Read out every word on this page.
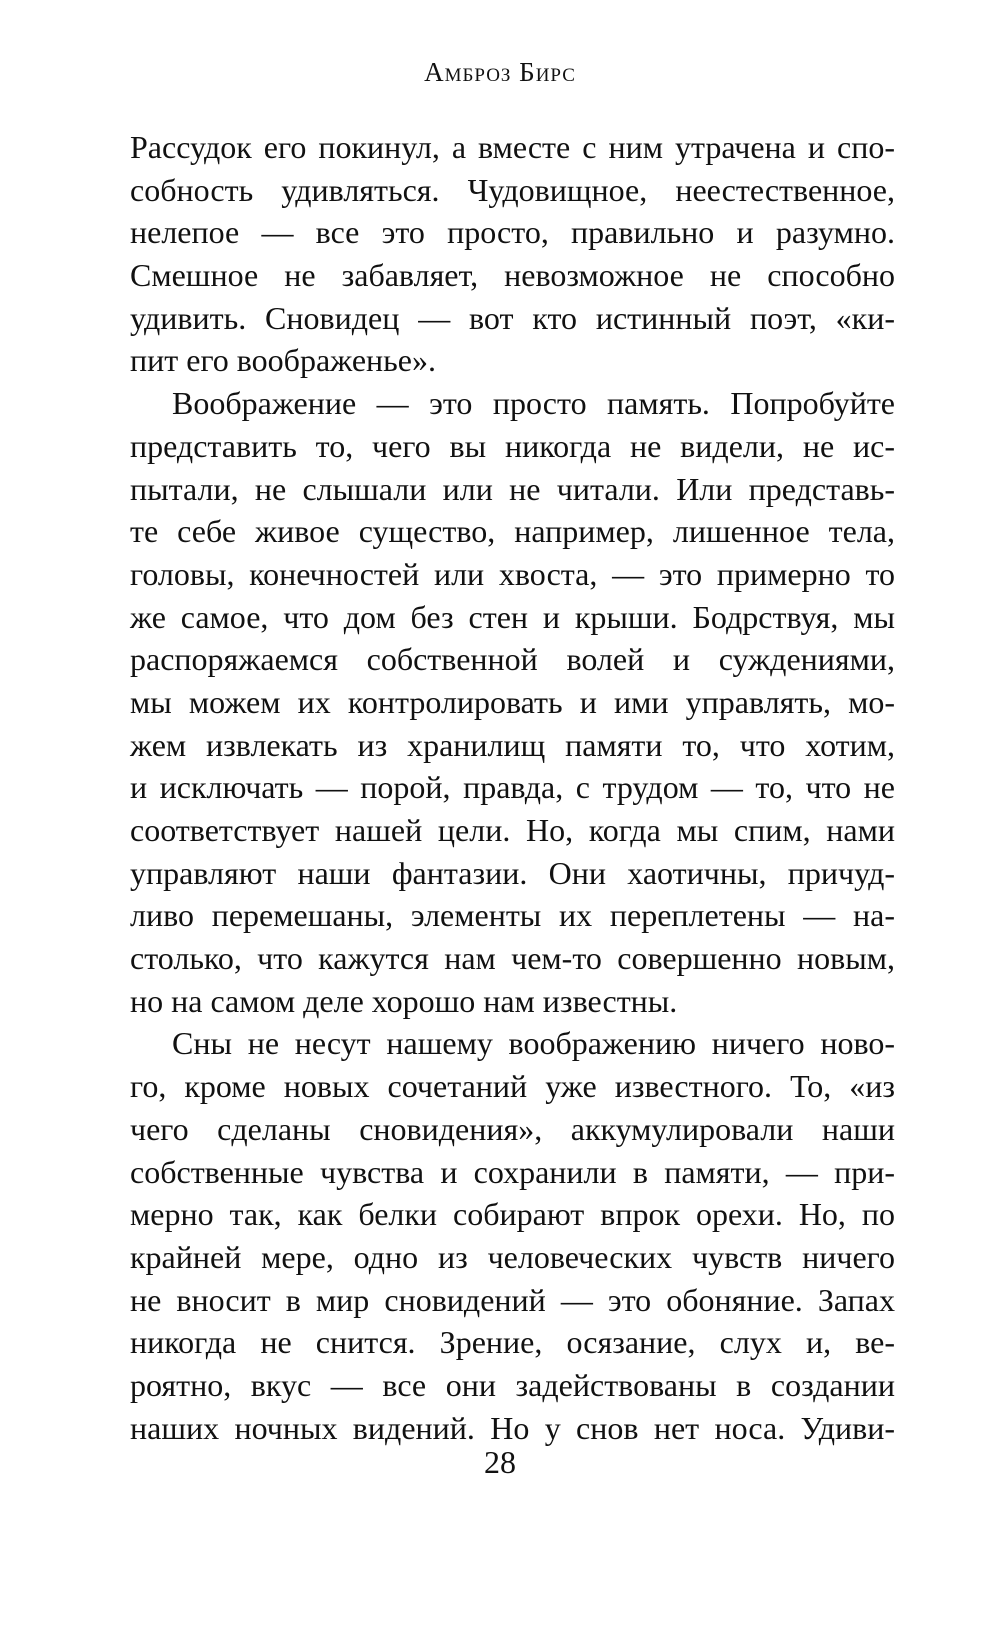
Амброз Бирс
Рассудок его покинул, а вместе с ним утрачена и спо-
собность удивляться. Чудовищное, неестественное,
нелепое — все это просто, правильно и разумно.
Смешное не забавляет, невозможное не способно
удивить. Сновидец — вот кто истинный поэт, «ки-
пит его воображенье».
Воображение — это просто память. Попробуйте
представить то, чего вы никогда не видели, не ис-
пытали, не слышали или не читали. Или представь-
те себе живое существо, например, лишенное тела,
головы, конечностей или хвоста, — это примерно то
же самое, что дом без стен и крыши. Бодрствуя, мы
распоряжаемся собственной волей и суждениями,
мы можем их контролировать и ими управлять, мо-
жем извлекать из хранилищ памяти то, что хотим,
и исключать — порой, правда, с трудом — то, что не
соответствует нашей цели. Но, когда мы спим, нами
управляют наши фантазии. Они хаотичны, причуд-
ливо перемешаны, элементы их переплетены — на-
столько, что кажутся нам чем-то совершенно новым,
но на самом деле хорошо нам известны.
Сны не несут нашему воображению ничего ново-
го, кроме новых сочетаний уже известного. То, «из
чего сделаны сновидения», аккумулировали наши
собственные чувства и сохранили в памяти, — при-
мерно так, как белки собирают впрок орехи. Но, по
крайней мере, одно из человеческих чувств ничего
не вносит в мир сновидений — это обоняние. Запах
никогда не снится. Зрение, осязание, слух и, ве-
роятно, вкус — все они задействованы в создании
наших ночных видений. Но у снов нет носа. Удиви-
28
